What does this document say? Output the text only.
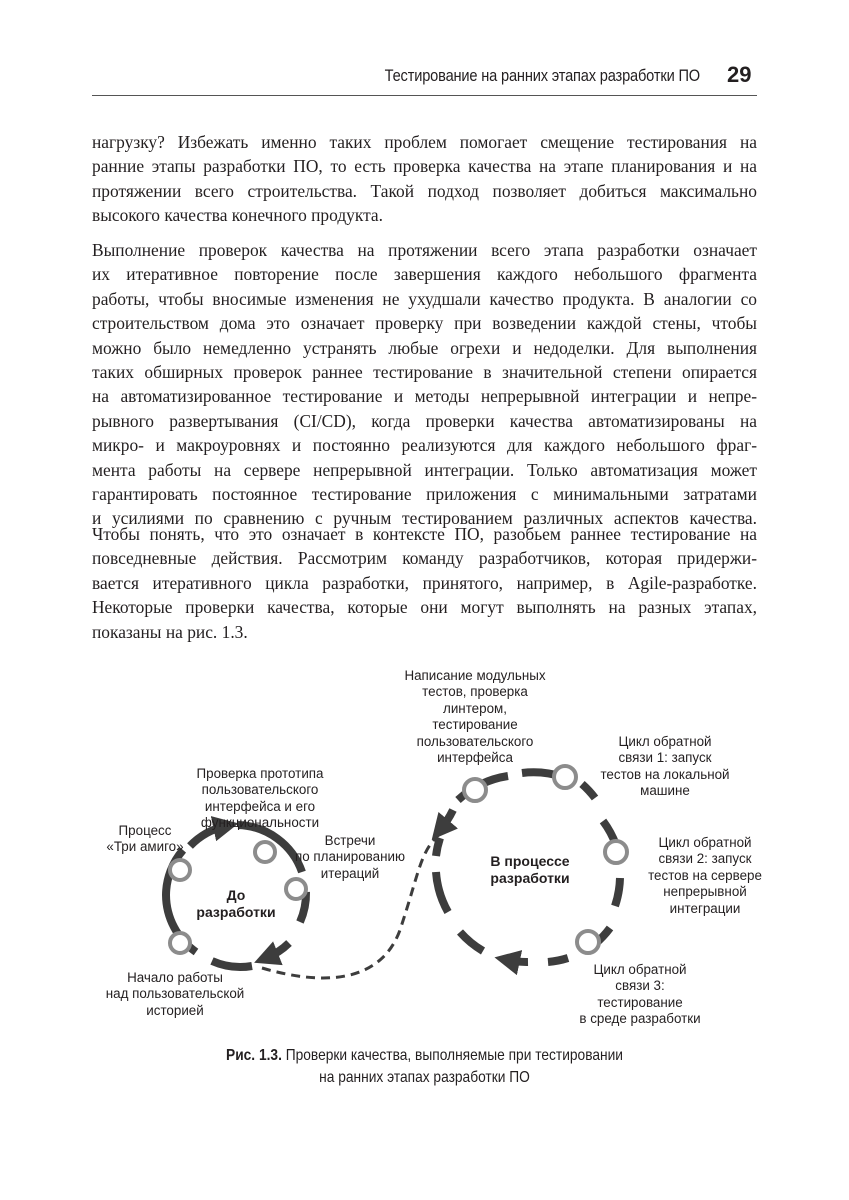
Тестирование на ранних этапах разработки ПО 29
нагрузку? Избежать именно таких проблем помогает смещение тестирования на
ранние этапы разработки ПО, то есть проверка качества на этапе планирования и на
протяжении всего строительства. Такой подход позволяет добиться максимально
высокого качества конечного продукта.
Выполнение проверок качества на протяжении всего этапа разработки означает
их итеративное повторение после завершения каждого небольшого фрагмента
работы, чтобы вносимые изменения не ухудшали качество продукта. В аналогии со
строительством дома это означает проверку при возведении каждой стены, чтобы
можно было немедленно устранять любые огрехи и недоделки. Для выполнения
таких обширных проверок раннее тестирование в значительной степени опирается
на автоматизированное тестирование и методы непрерывной интеграции и непре-
рывного развертывания (CI/CD), когда проверки качества автоматизированы на
микро- и макроуровнях и постоянно реализуются для каждого небольшого фраг-
мента работы на сервере непрерывной интеграции. Только автоматизация может
гарантировать постоянное тестирование приложения с минимальными затратами
и усилиями по сравнению с ручным тестированием различных аспектов качества.
Чтобы понять, что это означает в контексте ПО, разобьем раннее тестирование на
повседневные действия. Рассмотрим команду разработчиков, которая придержи-
вается итеративного цикла разработки, принятого, например, в Agile-разработке.
Некоторые проверки качества, которые они могут выполнять на разных этапах,
показаны на рис. 1.3.
До
разработки
Процесс
«Три амиго»
Проверка прототипа
пользовательского
интерфейса и его
функциональности
Встречи
по планированию
итераций
Начало работы
над пользовательской
историей
В процессе
разработки
Написание модульных
тестов, проверка
линтером,
тестирование
пользовательского
интерфейса
Цикл обратной
связи 1: запуск
тестов на локальной
машине
Цикл обратной
связи 2: запуск
тестов на сервере
непрерывной
интеграции
Цикл обратной
связи 3:
тестирование
в среде разработки
Рис. 1.3. Проверки качества, выполняемые при тестировании
на ранних этапах разработки ПО
